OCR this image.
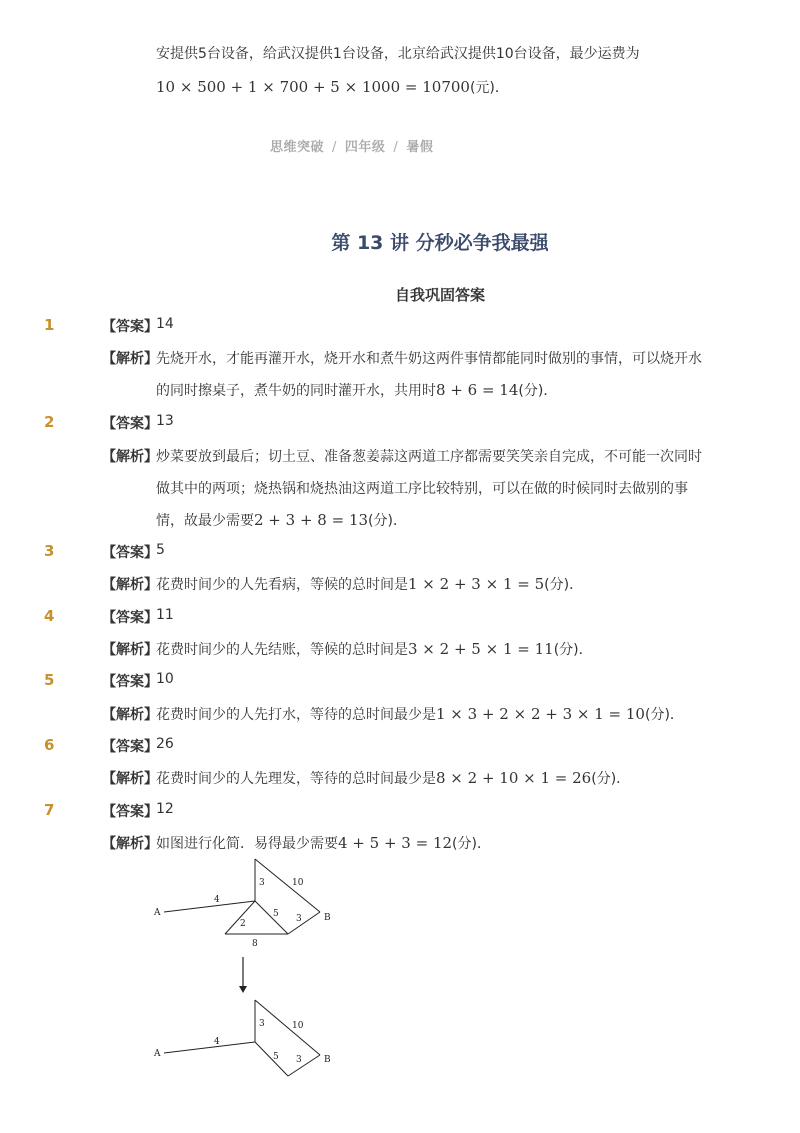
安提供5台设备，给武汉提供1台设备，北京给武汉提供10台设备，最少运费为
10 × 500 + 1 × 700 + 5 × 1000 = 10700(元)．
思维突破 / 四年级 / 暑假
第 13 讲 分秒必争我最强
自我巩固答案
1	【答案】
14
【解析】
先烧开水，才能再灌开水，烧开水和煮牛奶这两件事情都能同时做别的事情，可以烧开水
的同时擦桌子，煮牛奶的同时灌开水，共用时8 + 6 = 14(分)．
2	【答案】
13
【解析】
炒菜要放到最后；切土豆、准备葱姜蒜这两道工序都需要笑笑亲自完成，不可能一次同时
做其中的两项；烧热锅和烧热油这两道工序比较特别，可以在做的时候同时去做别的事
情，故最少需要2 + 3 + 8 = 13(分)．
3	【答案】
5
【解析】
花费时间少的人先看病，等候的总时间是1 × 2 + 3 × 1 = 5(分)．
4	【答案】
11
【解析】
花费时间少的人先结账，等候的总时间是3 × 2 + 5 × 1 = 11(分)．
5	【答案】
10
【解析】
花费时间少的人先打水，等待的总时间最少是1 × 3 + 2 × 2 + 3 × 1 = 10(分)．
6	【答案】
26
【解析】
花费时间少的人先理发，等待的总时间最少是8 × 2 + 10 × 1 = 26(分)．
7	【答案】
12
【解析】
如图进行化简．易得最少需要4 + 5 + 3 = 12(分)．
A	B
4
3	10
5 3
2
8
A
B
4
3	10
5 3
